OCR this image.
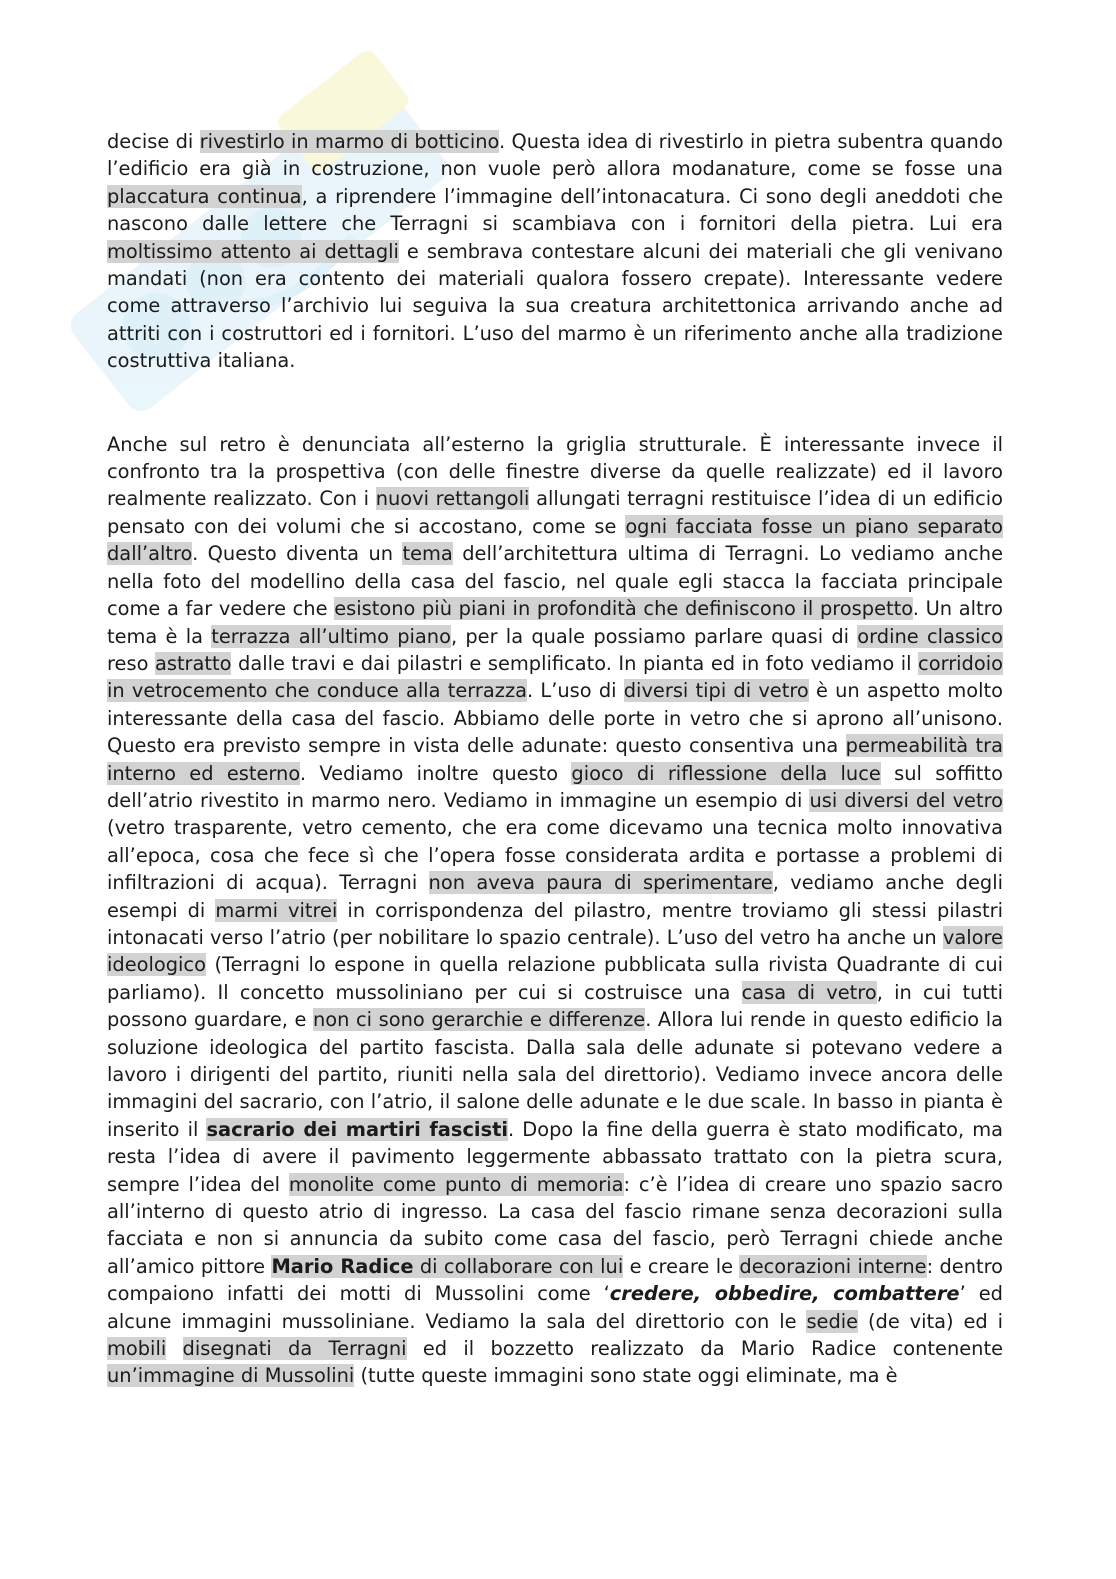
decise di rivestirlo in marmo di botticino. Questa idea di rivestirlo in pietra subentra quando l’edificio era già in costruzione, non vuole però allora modanature, come se fosse una placcatura continua, a riprendere l’immagine dell’intonacatura. Ci sono degli aneddoti che nascono dalle lettere che Terragni si scambiava con i fornitori della pietra. Lui era moltissimo attento ai dettagli e sembrava contestare alcuni dei materiali che gli venivano mandati (non era contento dei materiali qualora fossero crepate). Interessante vedere come attraverso l’archivio lui seguiva la sua creatura architettonica arrivando anche ad attriti con i costruttori ed i fornitori. L’uso del marmo è un riferimento anche alla tradizione costruttiva italiana.

Anche sul retro è denunciata all’esterno la griglia strutturale. È interessante invece il confronto tra la prospettiva (con delle finestre diverse da quelle realizzate) ed il lavoro realmente realizzato. Con i nuovi rettangoli allungati terragni restituisce l’idea di un edificio pensato con dei volumi che si accostano, come se ogni facciata fosse un piano separato dall’altro. Questo diventa un tema dell’architettura ultima di Terragni. Lo vediamo anche nella foto del modellino della casa del fascio, nel quale egli stacca la facciata principale come a far vedere che esistono più piani in profondità che definiscono il prospetto. Un altro tema è la terrazza all’ultimo piano, per la quale possiamo parlare quasi di ordine classico reso astratto dalle travi e dai pilastri e semplificato. In pianta ed in foto vediamo il corridoio in vetrocemento che conduce alla terrazza. L’uso di diversi tipi di vetro è un aspetto molto interessante della casa del fascio. Abbiamo delle porte in vetro che si aprono all’unisono. Questo era previsto sempre in vista delle adunate: questo consentiva una permeabilità tra interno ed esterno. Vediamo inoltre questo gioco di riflessione della luce sul soffitto dell’atrio rivestito in marmo nero. Vediamo in immagine un esempio di usi diversi del vetro (vetro trasparente, vetro cemento, che era come dicevamo una tecnica molto innovativa all’epoca, cosa che fece sì che l’opera fosse considerata ardita e portasse a problemi di infiltrazioni di acqua). Terragni non aveva paura di sperimentare, vediamo anche degli esempi di marmi vitrei in corrispondenza del pilastro, mentre troviamo gli stessi pilastri intonacati verso l’atrio (per nobilitare lo spazio centrale). L’uso del vetro ha anche un valore ideologico (Terragni lo espone in quella relazione pubblicata sulla rivista Quadrante di cui parliamo). Il concetto mussoliniano per cui si costruisce una casa di vetro, in cui tutti possono guardare, e non ci sono gerarchie e differenze. Allora lui rende in questo edificio la soluzione ideologica del partito fascista. Dalla sala delle adunate si potevano vedere a lavoro i dirigenti del partito, riuniti nella sala del direttorio). Vediamo invece ancora delle immagini del sacrario, con l’atrio, il salone delle adunate e le due scale. In basso in pianta è inserito il sacrario dei martiri fascisti. Dopo la fine della guerra è stato modificato, ma resta l’idea di avere il pavimento leggermente abbassato trattato con la pietra scura, sempre l’idea del monolite come punto di memoria: c’è l’idea di creare uno spazio sacro all’interno di questo atrio di ingresso. La casa del fascio rimane senza decorazioni sulla facciata e non si annuncia da subito come casa del fascio, però Terragni chiede anche all’amico pittore Mario Radice di collaborare con lui e creare le decorazioni interne: dentro compaiono infatti dei motti di Mussolini come ‘credere, obbedire, combattere’ ed alcune immagini mussoliniane. Vediamo la sala del direttorio con le sedie (de vita) ed i mobili disegnati da Terragni ed il bozzetto realizzato da Mario Radice contenente un’immagine di Mussolini (tutte queste immagini sono state oggi eliminate, ma è
